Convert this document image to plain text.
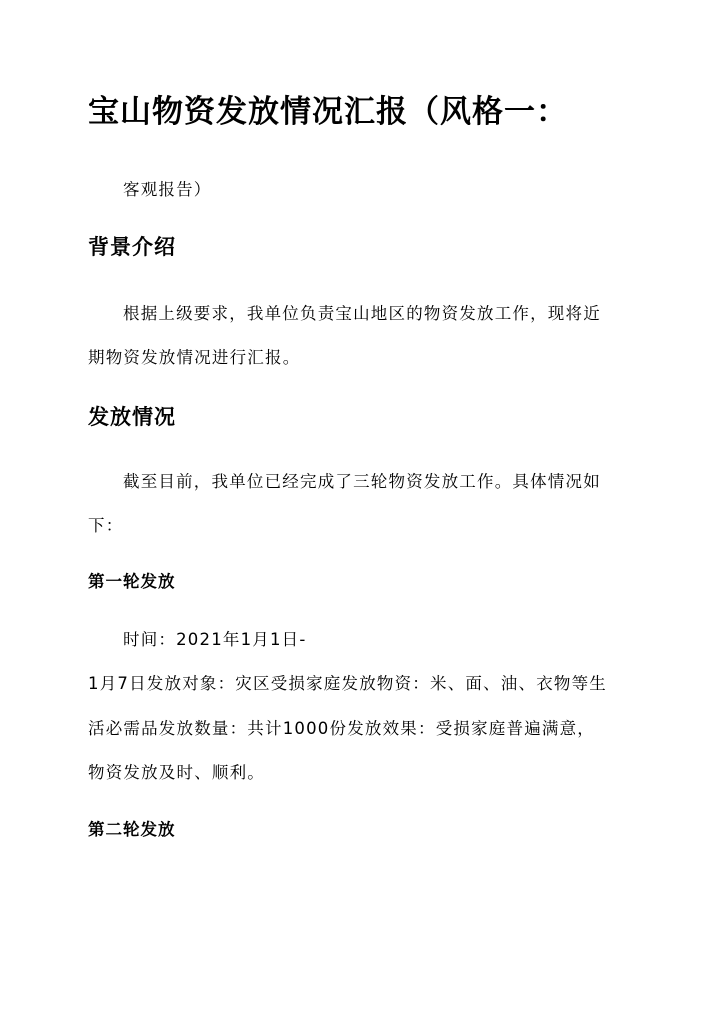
宝山物资发放情况汇报（风格一：
客观报告）
背景介绍
根据上级要求，我单位负责宝山地区的物资发放工作，现将近
期物资发放情况进行汇报。
发放情况
截至目前，我单位已经完成了三轮物资发放工作。具体情况如
下：
第一轮发放
时间：2021年1月1日-
1月7日发放对象：灾区受损家庭发放物资：米、面、油、衣物等生
活必需品发放数量：共计1000份发放效果：受损家庭普遍满意，
物资发放及时、顺利。
第二轮发放
